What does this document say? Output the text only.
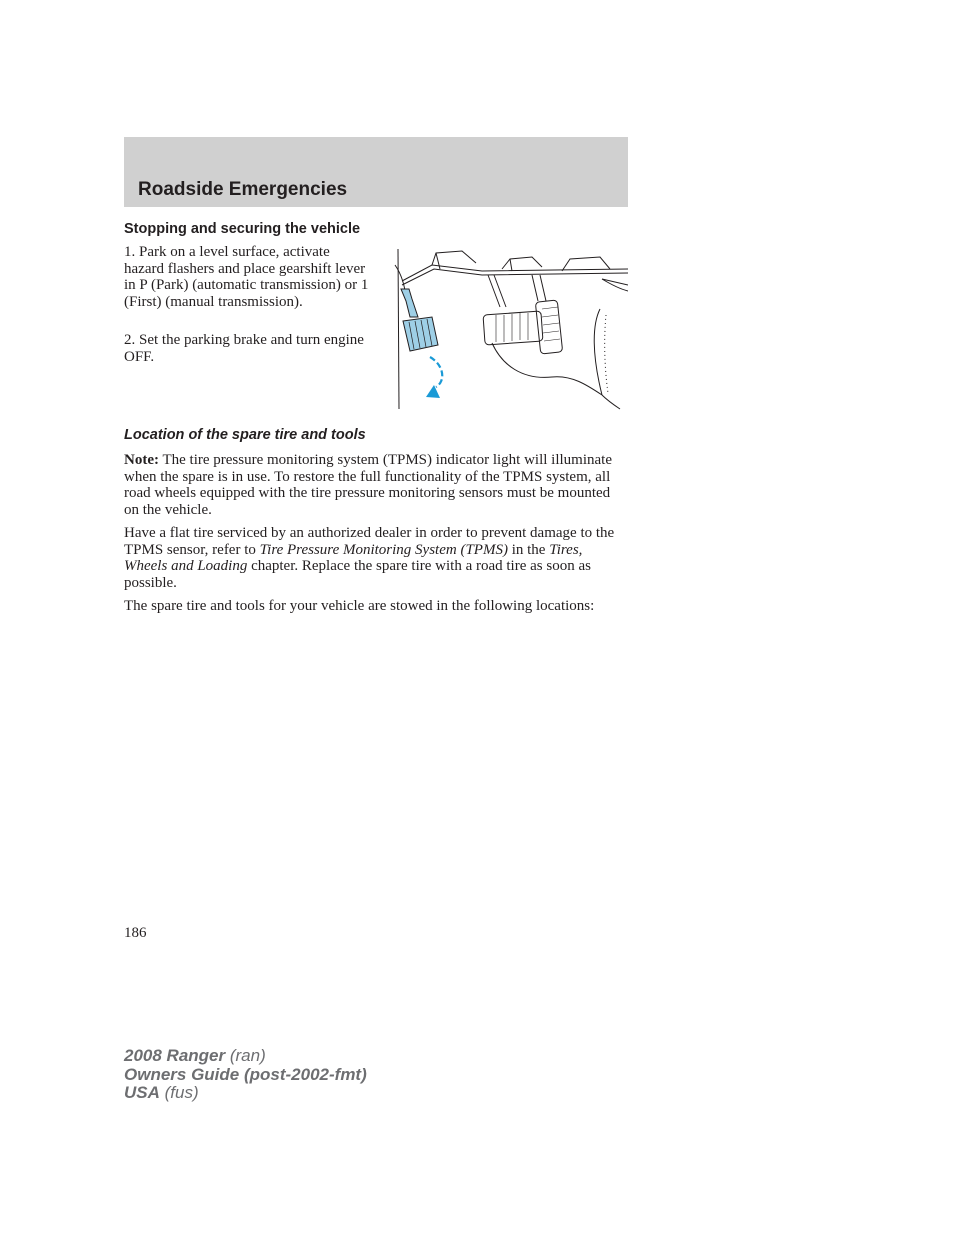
Roadside Emergencies
Stopping and securing the vehicle

1. Park on a level surface, activate hazard flashers and place gearshift lever in P (Park) (automatic transmission) or 1 (First) (manual transmission).

2. Set the parking brake and turn engine OFF.

Location of the spare tire and tools

Note: The tire pressure monitoring system (TPMS) indicator light will illuminate when the spare is in use. To restore the full functionality of the TPMS system, all road wheels equipped with the tire pressure monitoring sensors must be mounted on the vehicle.

Have a flat tire serviced by an authorized dealer in order to prevent damage to the TPMS sensor, refer to Tire Pressure Monitoring System (TPMS) in the Tires, Wheels and Loading chapter. Replace the spare tire with a road tire as soon as possible.

The spare tire and tools for your vehicle are stowed in the following locations:

186
2008 Ranger (ran)
Owners Guide (post-2002-fmt)
USA (fus)
